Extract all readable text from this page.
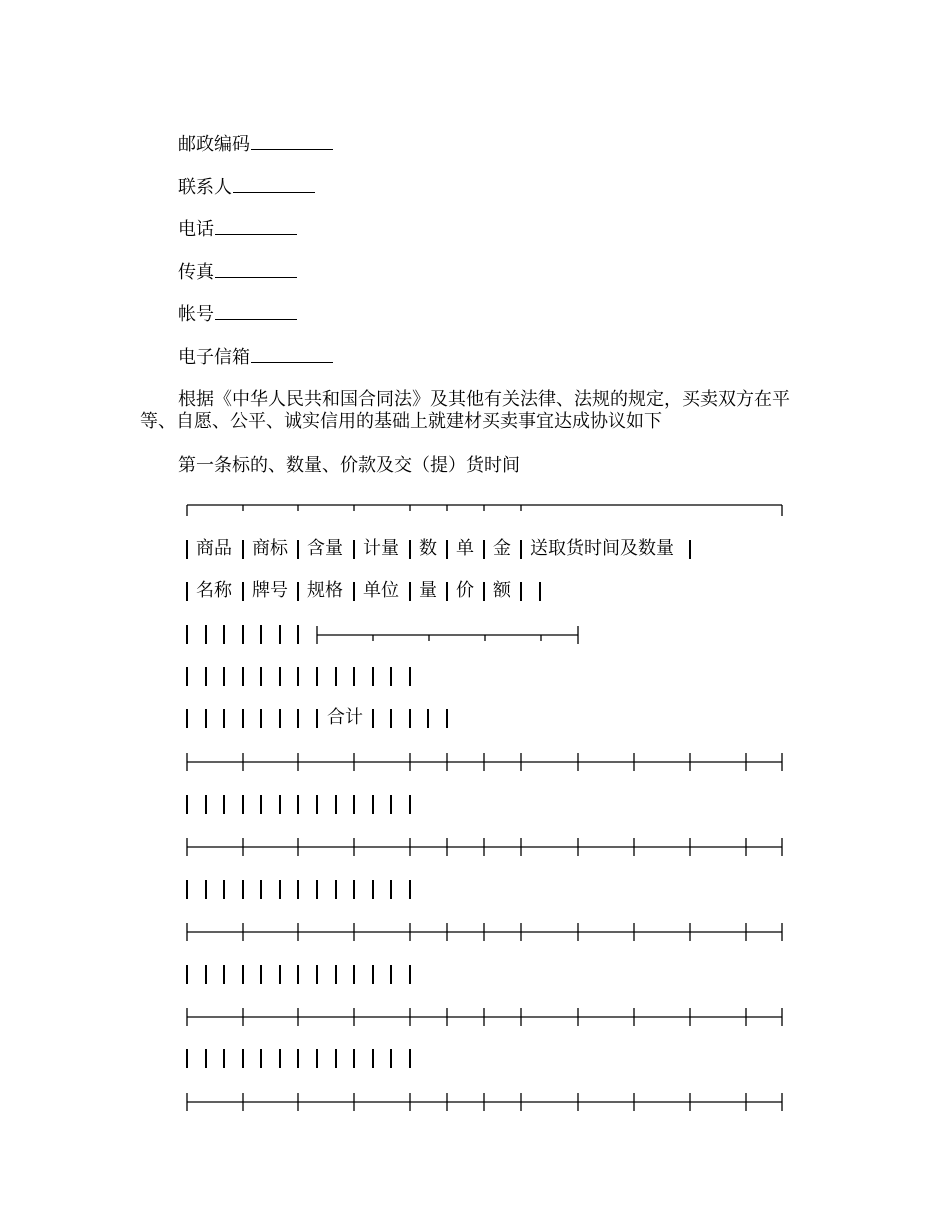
邮政编码
联系人
电话
传真
帐号
电子信箱
根据《中华人民共和国合同法》及其他有关法律、法规的规定，买卖双方在平
等、自愿、公平、诚实信用的基础上就建材买卖事宜达成协议如下
第一条标的、数量、价款及交（提）货时间
商品 商标 含量 计量 数 单 金 送取货时间及数量
名称 牌号 规格 单位 量 价 额
合计
